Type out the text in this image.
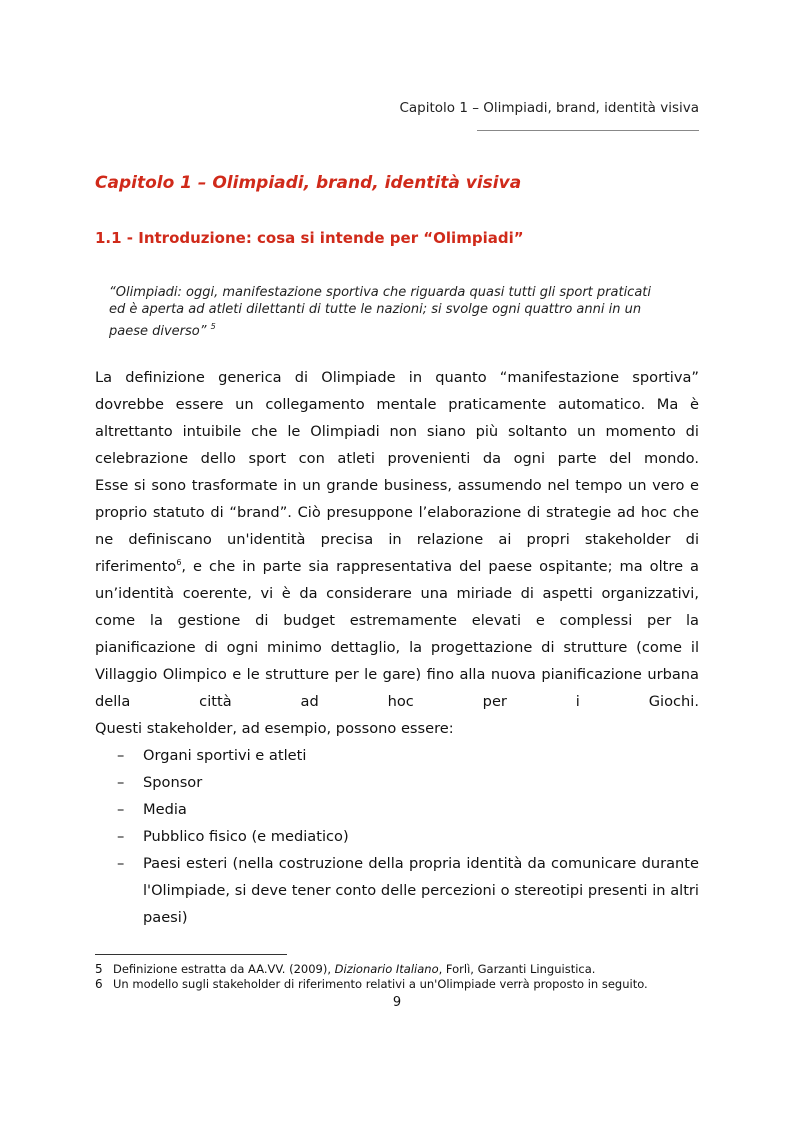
Capitolo 1 – Olimpiadi, brand, identità visiva
Capitolo 1 – Olimpiadi, brand, identità visiva
1.1 - Introduzione: cosa si intende per “Olimpiadi”
“Olimpiadi: oggi, manifestazione sportiva che riguarda quasi tutti gli sport praticati
ed è aperta ad atleti dilettanti di tutte le nazioni; si svolge ogni quattro anni in un
paese diverso” $^5$

La definizione generica di Olimpiade in quanto “manifestazione sportiva” dovrebbe essere un collegamento mentale praticamente automatico. Ma è altrettanto intuibile che le Olimpiadi non siano più soltanto un momento di celebrazione dello sport con atleti provenienti da ogni parte del mondo.

Esse si sono trasformate in un grande business, assumendo nel tempo un vero e proprio statuto di “brand”. Ciò presuppone l’elaborazione di strategie ad hoc che ne definiscano un'identità precisa in relazione ai propri stakeholder di riferimento$^6$, e che in parte sia rappresentativa del paese ospitante; ma oltre a un’identità coerente, vi è da considerare una miriade di aspetti organizzativi, come la gestione di budget estremamente elevati e complessi per la pianificazione di ogni minimo dettaglio, la progettazione di strutture (come il Villaggio Olimpico e le strutture per le gare) fino alla nuova pianificazione urbana della città ad hoc per i Giochi.

Questi stakeholder, ad esempio, possono essere:

– Organi sportivi e atleti
– Sponsor
– Media
– Pubblico fisico (e mediatico)
– Paesi esteri (nella costruzione della propria identità da comunicare durante l'Olimpiade, si deve tener conto delle percezioni o stereotipi presenti in altri paesi)
5 Definizione estratta da AA.VV. (2009), Dizionario Italiano, Forlì, Garzanti Linguistica.
6 Un modello sugli stakeholder di riferimento relativi a un'Olimpiade verrà proposto in seguito.
9
